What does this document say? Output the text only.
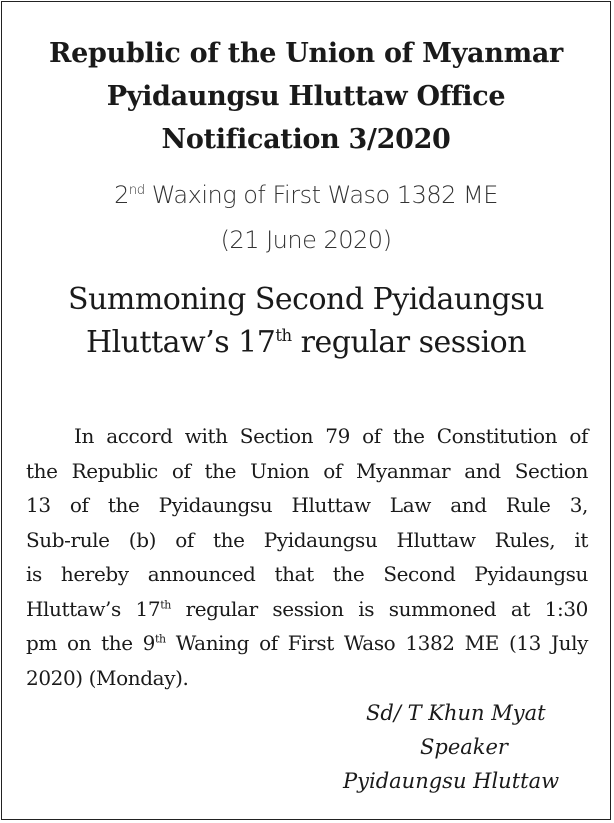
Republic of the Union of Myanmar
Pyidaungsu Hluttaw Office
Notification 3/2020
2nd Waxing of First Waso 1382 ME
(21 June 2020)
Summoning Second Pyidaungsu
Hluttaw’s 17th regular session
In accord with Section 79 of the Constitution of
the Republic of the Union of Myanmar and Section
13 of the Pyidaungsu Hluttaw Law and Rule 3,
Sub-rule (b) of the Pyidaungsu Hluttaw Rules, it
is hereby announced that the Second Pyidaungsu
Hluttaw’s 17th regular session is summoned at 1:30
pm on the 9th Waning of First Waso 1382 ME (13 July
2020) (Monday).
Sd/ T Khun Myat
Speaker
Pyidaungsu Hluttaw
